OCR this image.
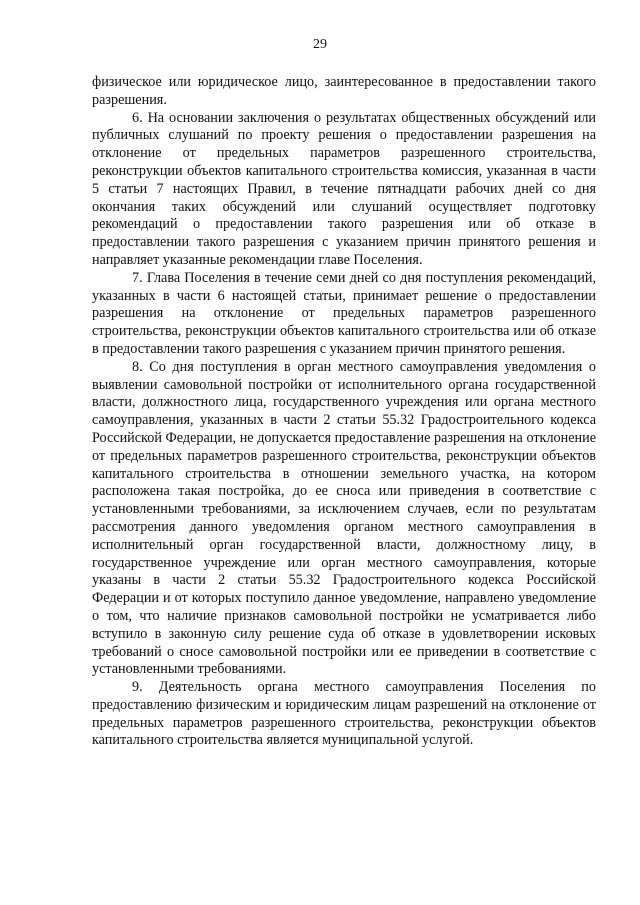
29

физическое или юридическое лицо, заинтересованное в предоставлении такого разрешения.

6. На основании заключения о результатах общественных обсуждений или публичных слушаний по проекту решения о предоставлении разрешения на отклонение от предельных параметров разрешенного строительства, реконструкции объектов капитального строительства комиссия, указанная в части 5 статьи 7 настоящих Правил, в течение пятнадцати рабочих дней со дня окончания таких обсуждений или слушаний осуществляет подготовку рекомендаций о предоставлении такого разрешения или об отказе в предоставлении такого разрешения с указанием причин принятого решения и направляет указанные рекомендации главе Поселения.

7. Глава Поселения в течение семи дней со дня поступления рекомендаций, указанных в части 6 настоящей статьи, принимает решение о предоставлении разрешения на отклонение от предельных параметров разрешенного строительства, реконструкции объектов капитального строительства или об отказе в предоставлении такого разрешения с указанием причин принятого решения.

8. Со дня поступления в орган местного самоуправления уведомления о выявлении самовольной постройки от исполнительного органа государственной власти, должностного лица, государственного учреждения или органа местного самоуправления, указанных в части 2 статьи 55.32 Градостроительного кодекса Российской Федерации, не допускается предоставление разрешения на отклонение от предельных параметров разрешенного строительства, реконструкции объектов капитального строительства в отношении земельного участка, на котором расположена такая постройка, до ее сноса или приведения в соответствие с установленными требованиями, за исключением случаев, если по результатам рассмотрения данного уведомления органом местного самоуправления в исполнительный орган государственной власти, должностному лицу, в государственное учреждение или орган местного самоуправления, которые указаны в части 2 статьи 55.32 Градостроительного кодекса Российской Федерации и от которых поступило данное уведомление, направлено уведомление о том, что наличие признаков самовольной постройки не усматривается либо вступило в законную силу решение суда об отказе в удовлетворении исковых требований о сносе самовольной постройки или ее приведении в соответствие с установленными требованиями.

9. Деятельность органа местного самоуправления Поселения по предоставлению физическим и юридическим лицам разрешений на отклонение от предельных параметров разрешенного строительства, реконструкции объектов капитального строительства является муниципальной услугой.
